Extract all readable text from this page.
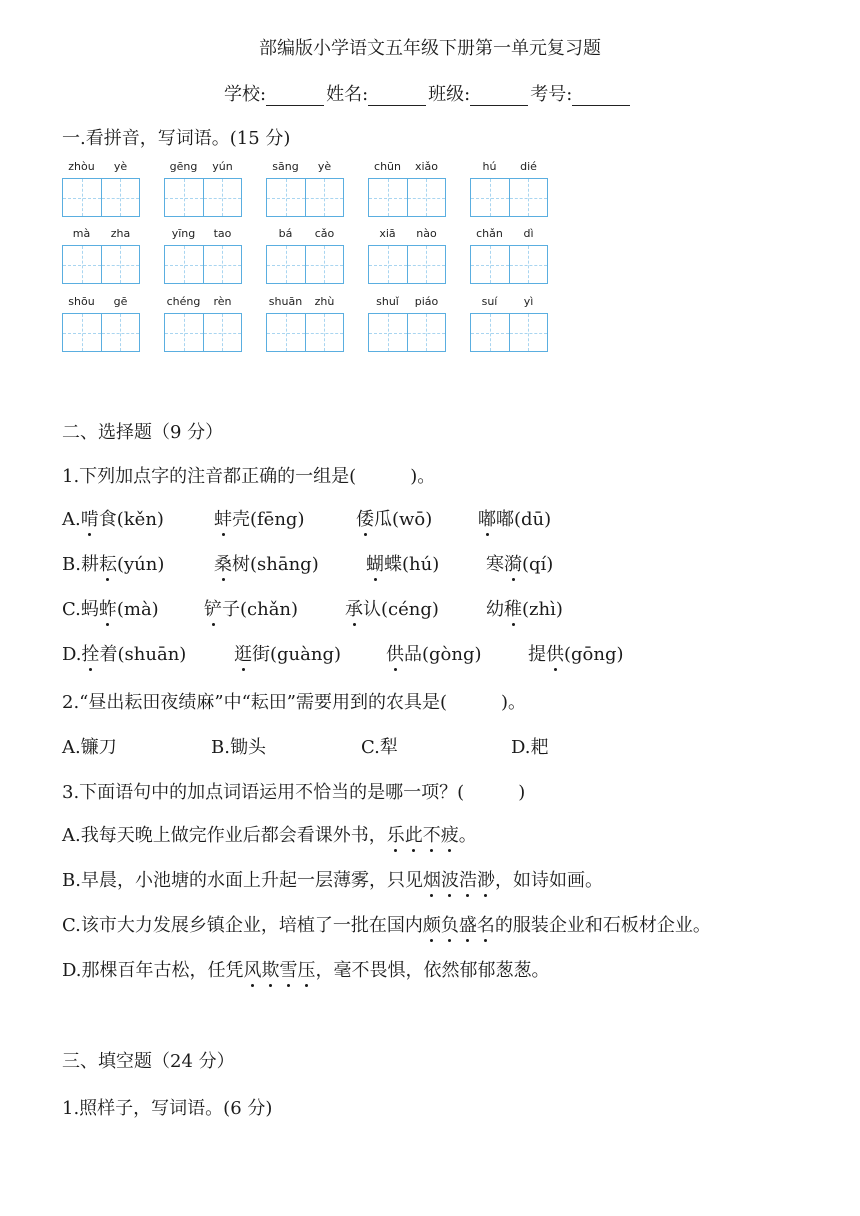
部编版小学语文五年级下册第一单元复习题
学校:	姓名:	班级:	考号:
一.看拼音，写词语。(15 分)
zhòu	yè	gēng	yún	sāng	yè	chūn	xiǎo	hú	dié
mà	zha	yīng	tao	bá	cǎo	xiā	nào	chǎn	dì
shōu	gē	chéng	rèn	shuān	zhù	shuǐ	piáo	suí	yì
二、选择题（9 分）
1.下列加点字的注音都正确的一组是(　　　)。
A.啃食(kěn)	蚌壳(fēng)	倭瓜(wō)	嘟嘟(dū)
B.耕耘(yún)	桑树(shāng)	蝴蝶(hú)	寒漪(qí)
C.蚂蚱(mà)	铲子(chǎn)	承认(céng)	幼稚(zhì)
D.拴着(shuān)	逛街(guàng) 供品(gòng)	提供(gōng)
2.“昼出耘田夜绩麻”中“耘田”需要用到的农具是(　　　)。
A.镰刀	B.锄头	C.犁	D.耙
3.下面语句中的加点词语运用不恰当的是哪一项？(　　　)
A.我每天晚上做完作业后都会看课外书，乐此不疲。
B.早晨，小池塘的水面上升起一层薄雾，只见烟波浩渺，如诗如画。
C.该市大力发展乡镇企业，培植了一批在国内颇负盛名的服装企业和石板材企业。
D.那棵百年古松，任凭风欺雪压，毫不畏惧，依然郁郁葱葱。
三、填空题（24 分）
1.照样子，写词语。(6 分)
